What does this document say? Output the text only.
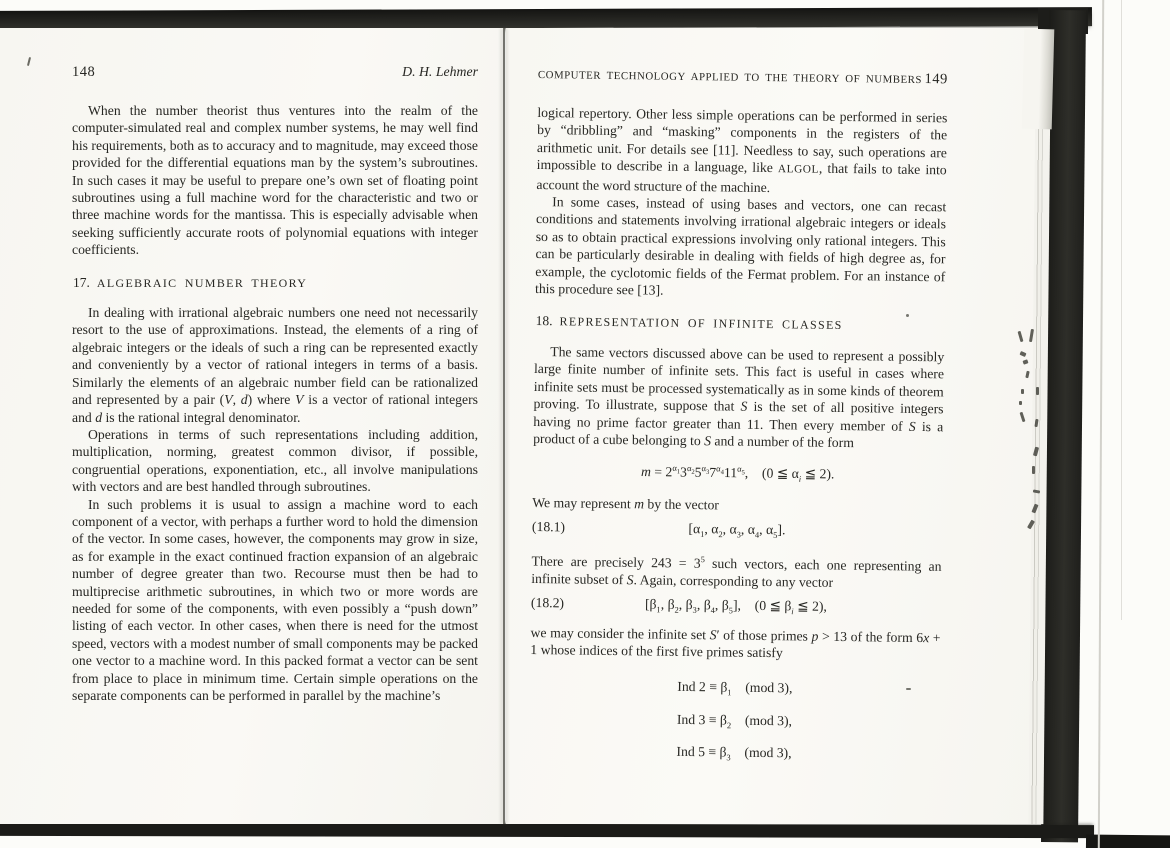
148	D. H. Lehmer

When the number theorist thus ventures into the realm of the computer-simulated real and complex number systems, he may well find his requirements, both as to accuracy and to magnitude, may exceed those provided for the differential equations man by the system’s subroutines. In such cases it may be useful to prepare one’s own set of floating point subroutines using a full machine word for the characteristic and two or three machine words for the mantissa. This is especially advisable when seeking sufficiently accurate roots of polynomial equations with integer coefficients.

17. ALGEBRAIC NUMBER THEORY

In dealing with irrational algebraic numbers one need not necessarily resort to the use of approximations. Instead, the elements of a ring of algebraic integers or the ideals of such a ring can be represented exactly and conveniently by a vector of rational integers in terms of a basis. Similarly the elements of an algebraic number field can be rationalized and represented by a pair (V, d) where V is a vector of rational integers and d is the rational integral denominator.

Operations in terms of such representations including addition, multiplication, norming, greatest common divisor, if possible, congruential operations, exponentiation, etc., all involve manipulations with vectors and are best handled through subroutines.

In such problems it is usual to assign a machine word to each component of a vector, with perhaps a further word to hold the dimension of the vector. In some cases, however, the components may grow in size, as for example in the exact continued fraction expansion of an algebraic number of degree greater than two. Recourse must then be had to multiprecise arithmetic subroutines, in which two or more words are needed for some of the components, with even possibly a “push down” listing of each vector. In other cases, when there is need for the utmost speed, vectors with a modest number of small components may be packed one vector to a machine word. In this packed format a vector can be sent from place to place in minimum time. Certain simple operations on the separate components can be performed in parallel by the machine’s

COMPUTER TECHNOLOGY APPLIED TO THE THEORY OF NUMBERS 149

logical repertory. Other less simple operations can be performed in series by “dribbling” and “masking” components in the registers of the arithmetic unit. For details see [11]. Needless to say, such operations are impossible to describe in a language, like ALGOL, that fails to take into account the word structure of the machine.

In some cases, instead of using bases and vectors, one can recast conditions and statements involving irrational algebraic integers or ideals so as to obtain practical expressions involving only rational integers. This can be particularly desirable in dealing with fields of high degree as, for example, the cyclotomic fields of the Fermat problem. For an instance of this procedure see [13].

18. REPRESENTATION OF INFINITE CLASSES

The same vectors discussed above can be used to represent a possibly large finite number of infinite sets. This fact is useful in cases where infinite sets must be processed systematically as in some kinds of theorem proving. To illustrate, suppose that S is the set of all positive integers having no prime factor greater than 11. Then every member of S is a product of a cube belonging to S and a number of the form

$m = 2^{\alpha_1}3^{\alpha_2}5^{\alpha_3}7^{\alpha_4}11^{\alpha_5}$, (0 ≦ $\alpha_i$ ≦ 2).

We may represent m by the vector

(18.1)	[$\alpha_1$, $\alpha_2$, $\alpha_3$, $\alpha_4$, $\alpha_5$].

There are precisely $243 = 3^5$ such vectors, each one representing an infinite subset of S. Again, corresponding to any vector

(18.2)	[$\beta_1$, $\beta_2$, $\beta_3$, $\beta_4$, $\beta_5$], (0 ≦ $\beta_i$ ≦ 2),

we may consider the infinite set S′ of those primes p > 13 of the form 6x + 1 whose indices of the first five primes satisfy

Ind $2 \equiv \beta_1$ (mod 3),
Ind $3 \equiv \beta_2$ (mod 3),
Ind $5 \equiv \beta_3$ (mod 3),
